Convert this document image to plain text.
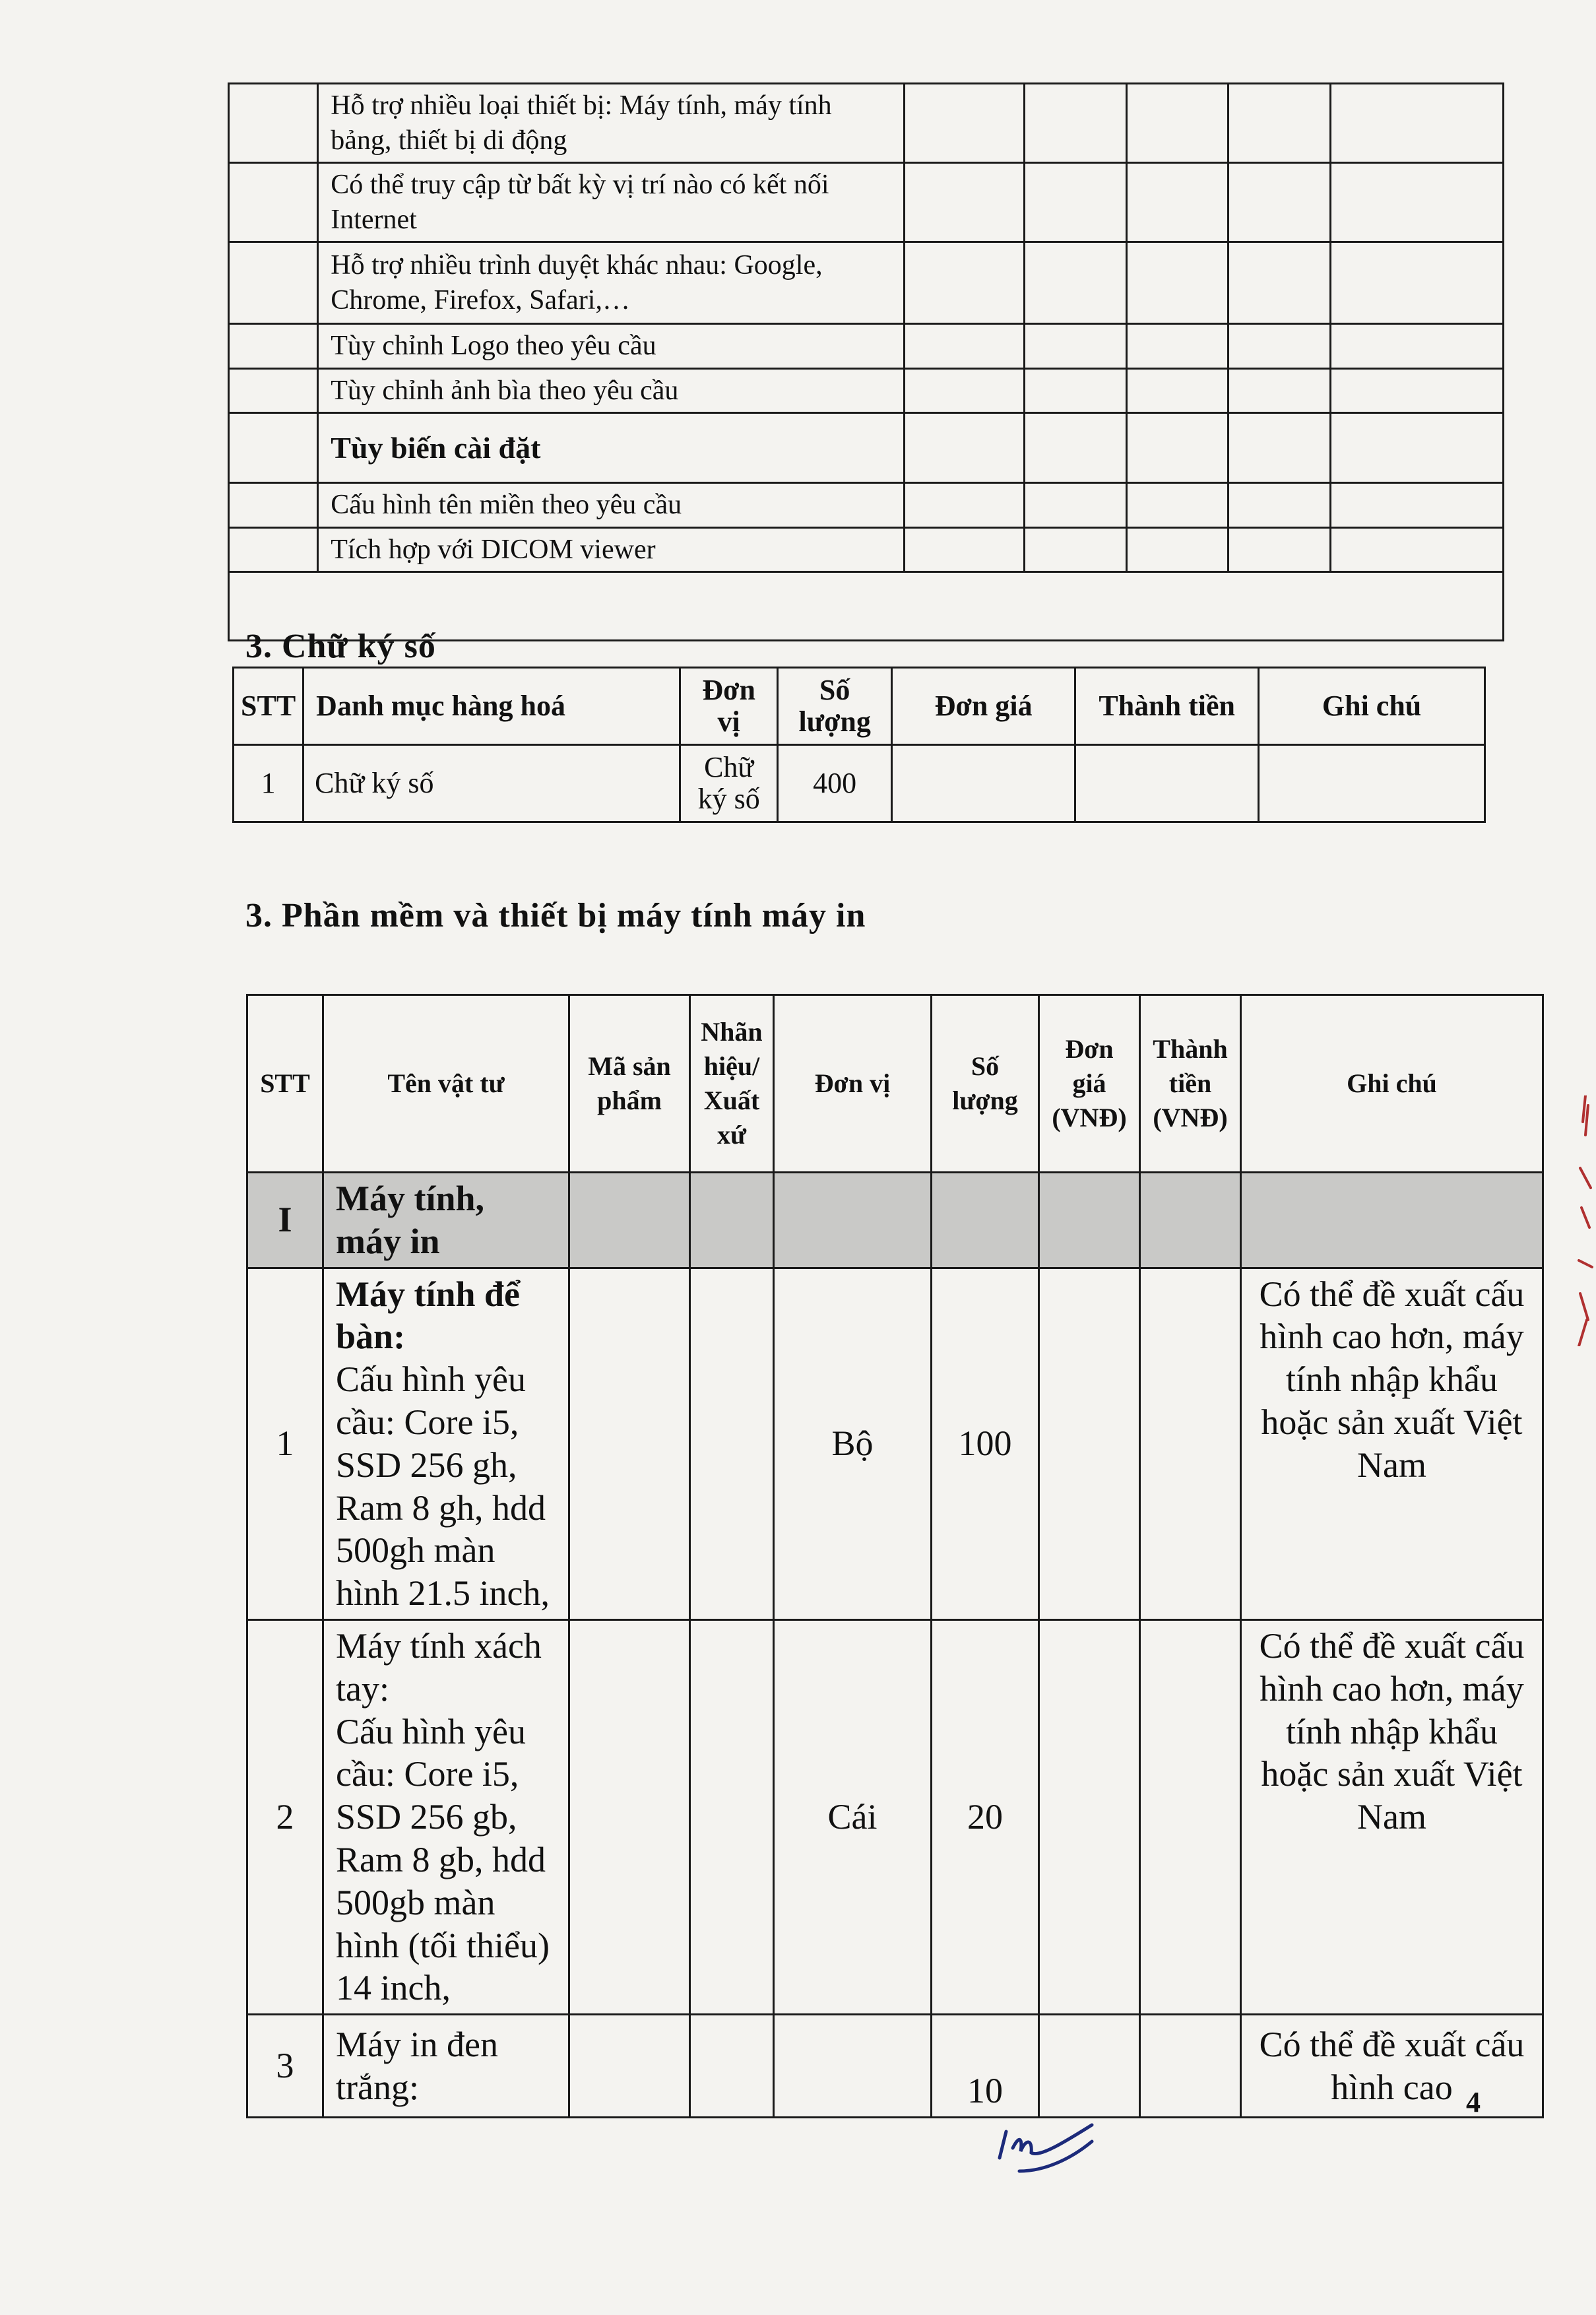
	Hỗ trợ nhiều loại thiết bị: Máy tính, máy tính bảng, thiết bị di động					
	Có thể truy cập từ bất kỳ vị trí nào có kết nối Internet					
	Hỗ trợ nhiều trình duyệt khác nhau: Google, Chrome, Firefox, Safari,…					
	Tùy chỉnh Logo theo yêu cầu					
	Tùy chỉnh ảnh bìa theo yêu cầu					
	Tùy biến cài đặt					
	Cấu hình tên miền theo yêu cầu					
	Tích hợp với DICOM viewer					

3. Chữ ký số
STT	Danh mục hàng hoá	Đơn vị	Số lượng	Đơn giá	Thành tiền	Ghi chú
1	Chữ ký số	Chữ ký số	400			
3. Phần mềm và thiết bị máy tính máy in
STT	Tên vật tư	Mã sản phẩm	Nhãn hiệu/ Xuất xứ	Đơn vị	Số lượng	Đơn giá (VNĐ)	Thành tiền (VNĐ)	Ghi chú
I	Máy tính, máy in							
1	Máy tính để bàn:
Cấu hình yêu cầu: Core i5, SSD 256 gh, Ram 8 gh, hdd 500gh màn hình 21.5 inch,			Bộ	100			Có thể đề xuất cấu hình cao hơn, máy tính nhập khẩu hoặc sản xuất Việt Nam
2	Máy tính xách tay:
Cấu hình yêu cầu: Core i5, SSD 256 gb, Ram 8 gb, hdd 500gb màn hình (tối thiểu) 14 inch,			Cái	20			Có thể đề xuất cấu hình cao hơn, máy tính nhập khẩu hoặc sản xuất Việt Nam
3	Máy in đen trắng:				10			Có thể đề xuất cấu hình cao 4
